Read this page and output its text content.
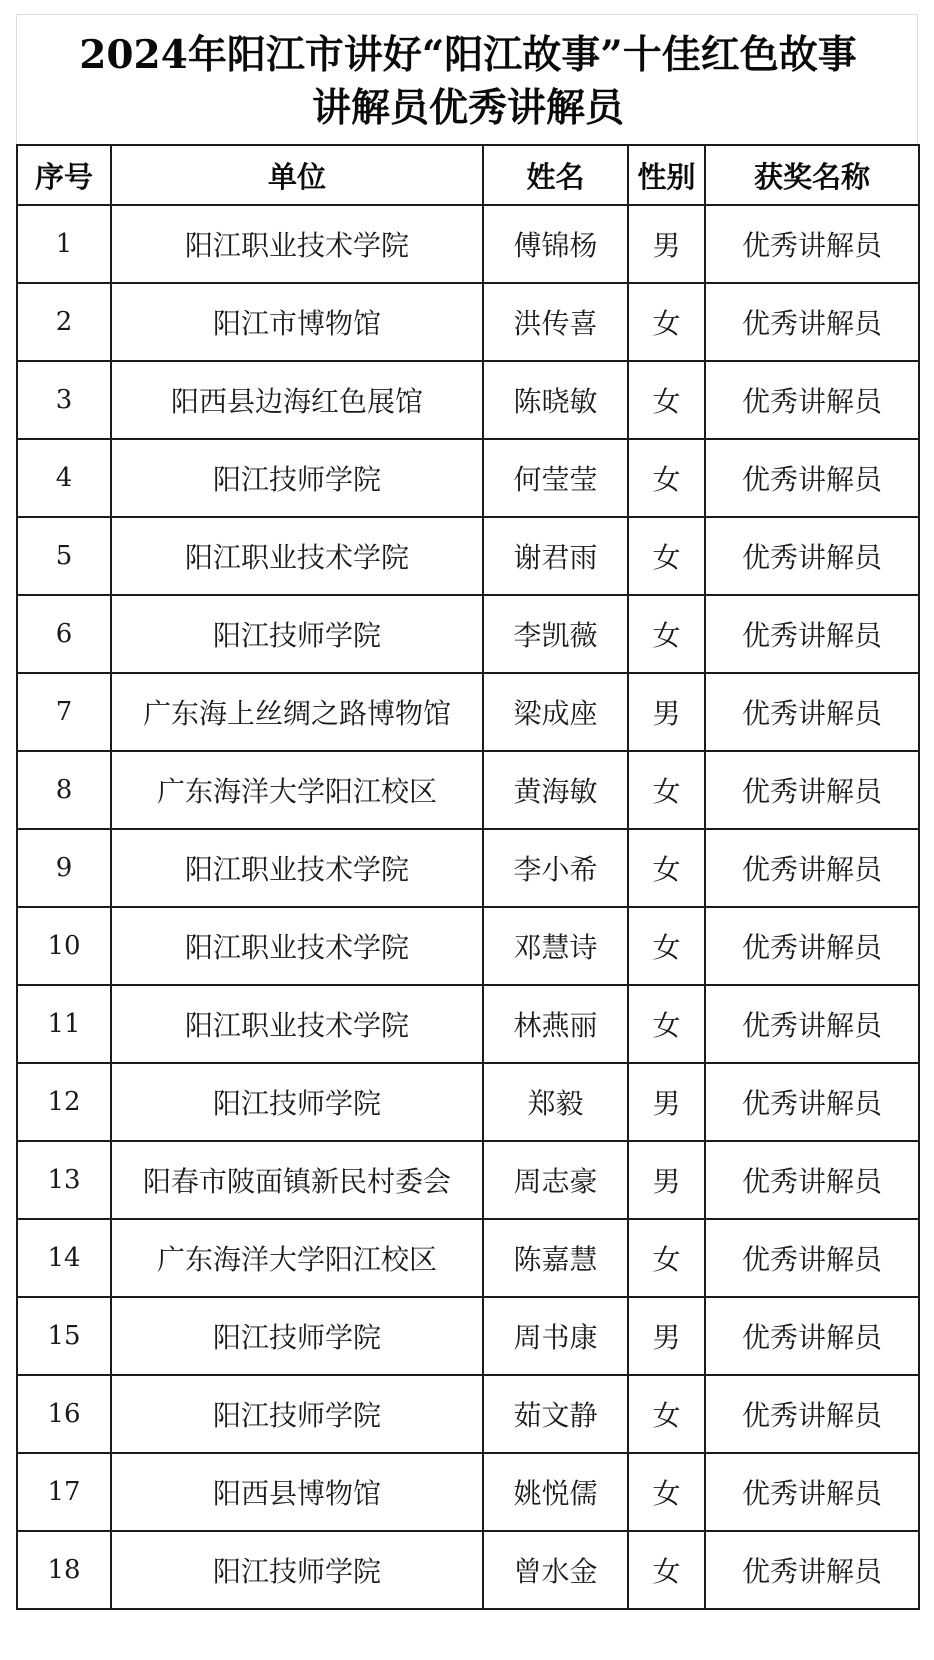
2024年阳江市讲好“阳江故事”十佳红色故事
讲解员优秀讲解员
序号	单位	姓名	性别	获奖名称
1	阳江职业技术学院	傅锦杨	男	优秀讲解员
2	阳江市博物馆	洪传喜	女	优秀讲解员
3	阳西县边海红色展馆	陈晓敏	女	优秀讲解员
4	阳江技师学院	何莹莹	女	优秀讲解员
5	阳江职业技术学院	谢君雨	女	优秀讲解员
6	阳江技师学院	李凯薇	女	优秀讲解员
7	广东海上丝绸之路博物馆	梁成座	男	优秀讲解员
8	广东海洋大学阳江校区	黄海敏	女	优秀讲解员
9	阳江职业技术学院	李小希	女	优秀讲解员
10	阳江职业技术学院	邓慧诗	女	优秀讲解员
11	阳江职业技术学院	林燕丽	女	优秀讲解员
12	阳江技师学院	郑毅	男	优秀讲解员
13	阳春市陂面镇新民村委会	周志豪	男	优秀讲解员
14	广东海洋大学阳江校区	陈嘉慧	女	优秀讲解员
15	阳江技师学院	周书康	男	优秀讲解员
16	阳江技师学院	茹文静	女	优秀讲解员
17	阳西县博物馆	姚悦儒	女	优秀讲解员
18	阳江技师学院	曾水金	女	优秀讲解员
